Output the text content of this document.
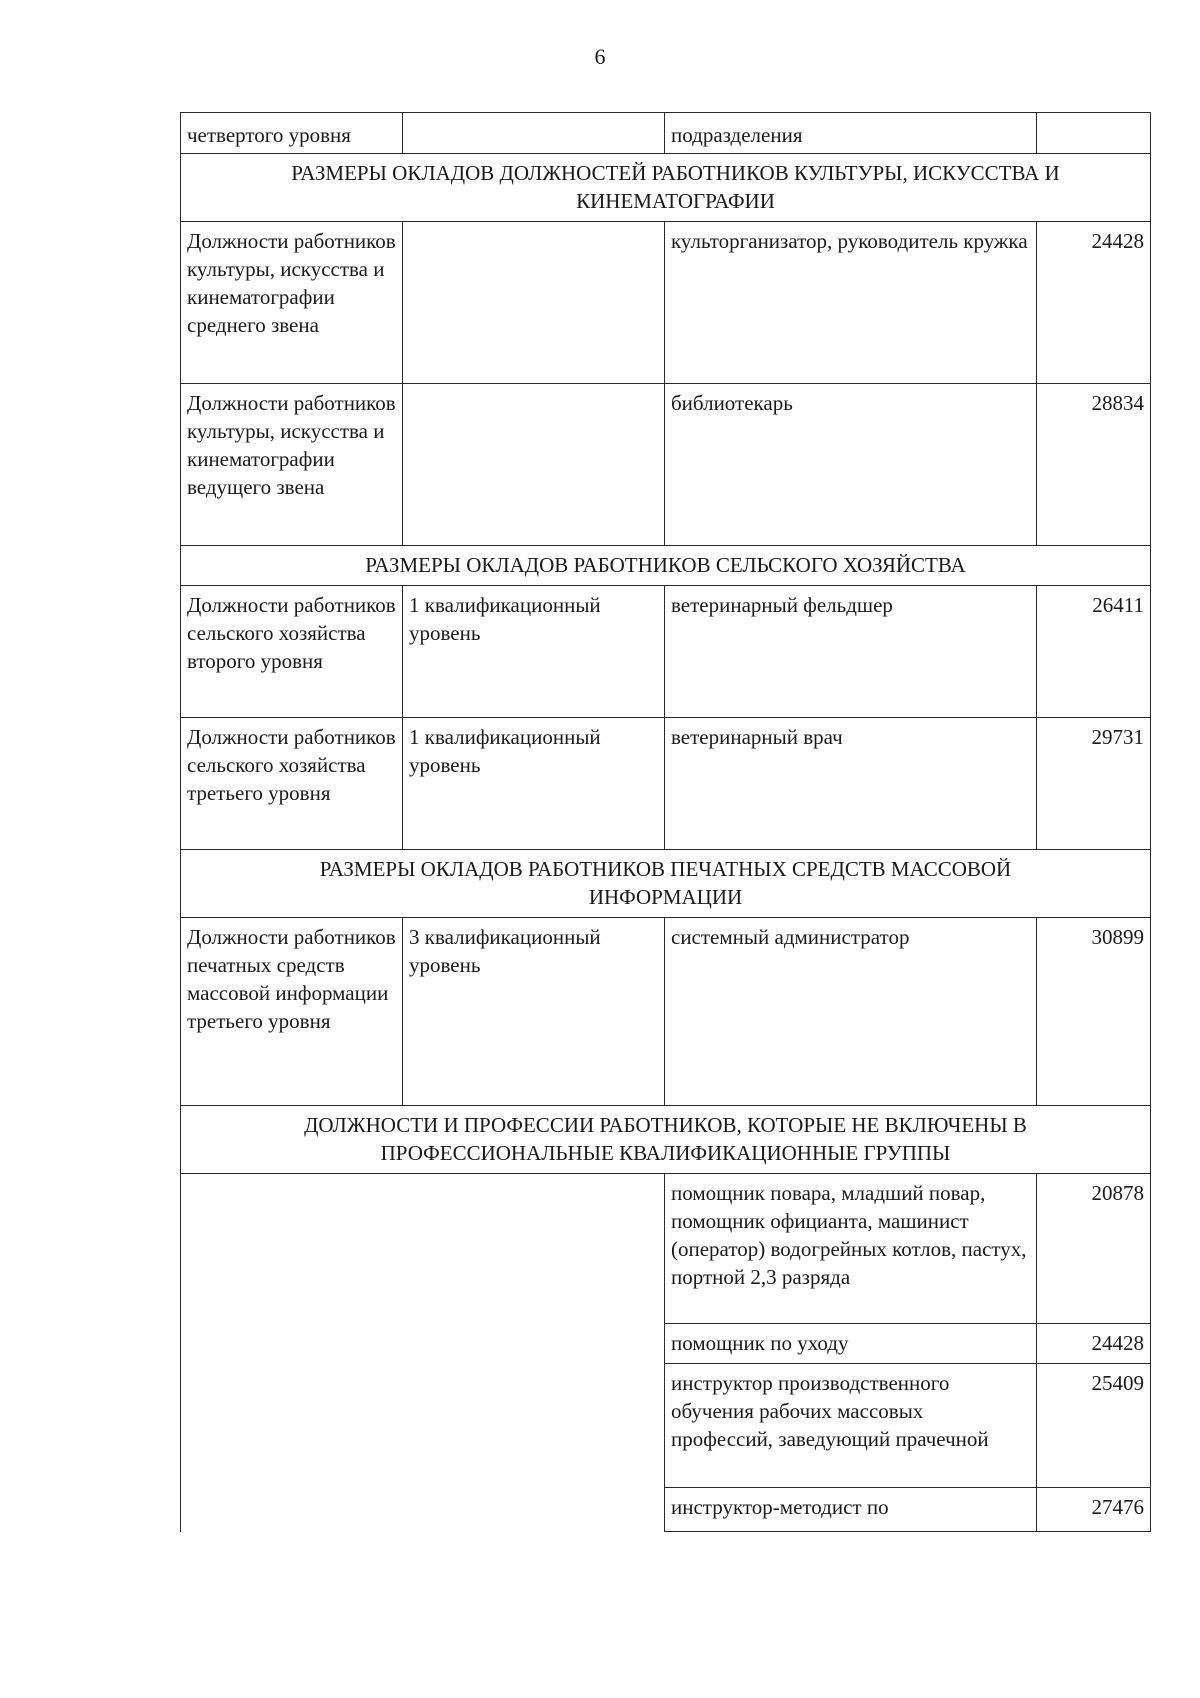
6
четвертого уровня		подразделения	
РАЗМЕРЫ ОКЛАДОВ ДОЛЖНОСТЕЙ РАБОТНИКОВ КУЛЬТУРЫ, ИСКУССТВА И КИНЕМАТОГРАФИИ			
Должности работников культуры, искусства и кинематографии среднего звена		культорганизатор, руководитель кружка	24428
Должности работников культуры, искусства и кинематографии ведущего звена		библиотекарь	28834
РАЗМЕРЫ ОКЛАДОВ РАБОТНИКОВ СЕЛЬСКОГО ХОЗЯЙСТВА			
Должности работников сельского хозяйства второго уровня	1 квалификационный уровень	ветеринарный фельдшер	26411
Должности работников сельского хозяйства третьего уровня	1 квалификационный уровень	ветеринарный врач	29731
РАЗМЕРЫ ОКЛАДОВ РАБОТНИКОВ ПЕЧАТНЫХ СРЕДСТВ МАССОВОЙ ИНФОРМАЦИИ			
Должности работников печатных средств массовой информации третьего уровня	3 квалификационный уровень	системный администратор	30899
ДОЛЖНОСТИ И ПРОФЕССИИ РАБОТНИКОВ, КОТОРЫЕ НЕ ВКЛЮЧЕНЫ В ПРОФЕССИОНАЛЬНЫЕ КВАЛИФИКАЦИОННЫЕ ГРУППЫ			
		помощник повара, младший повар, помощник официанта, машинист (оператор) водогрейных котлов, пастух, портной 2,3 разряда	20878
		помощник по уходу	24428
		инструктор производственного обучения рабочих массовых профессий, заведующий прачечной	25409
		инструктор-методист по	27476
